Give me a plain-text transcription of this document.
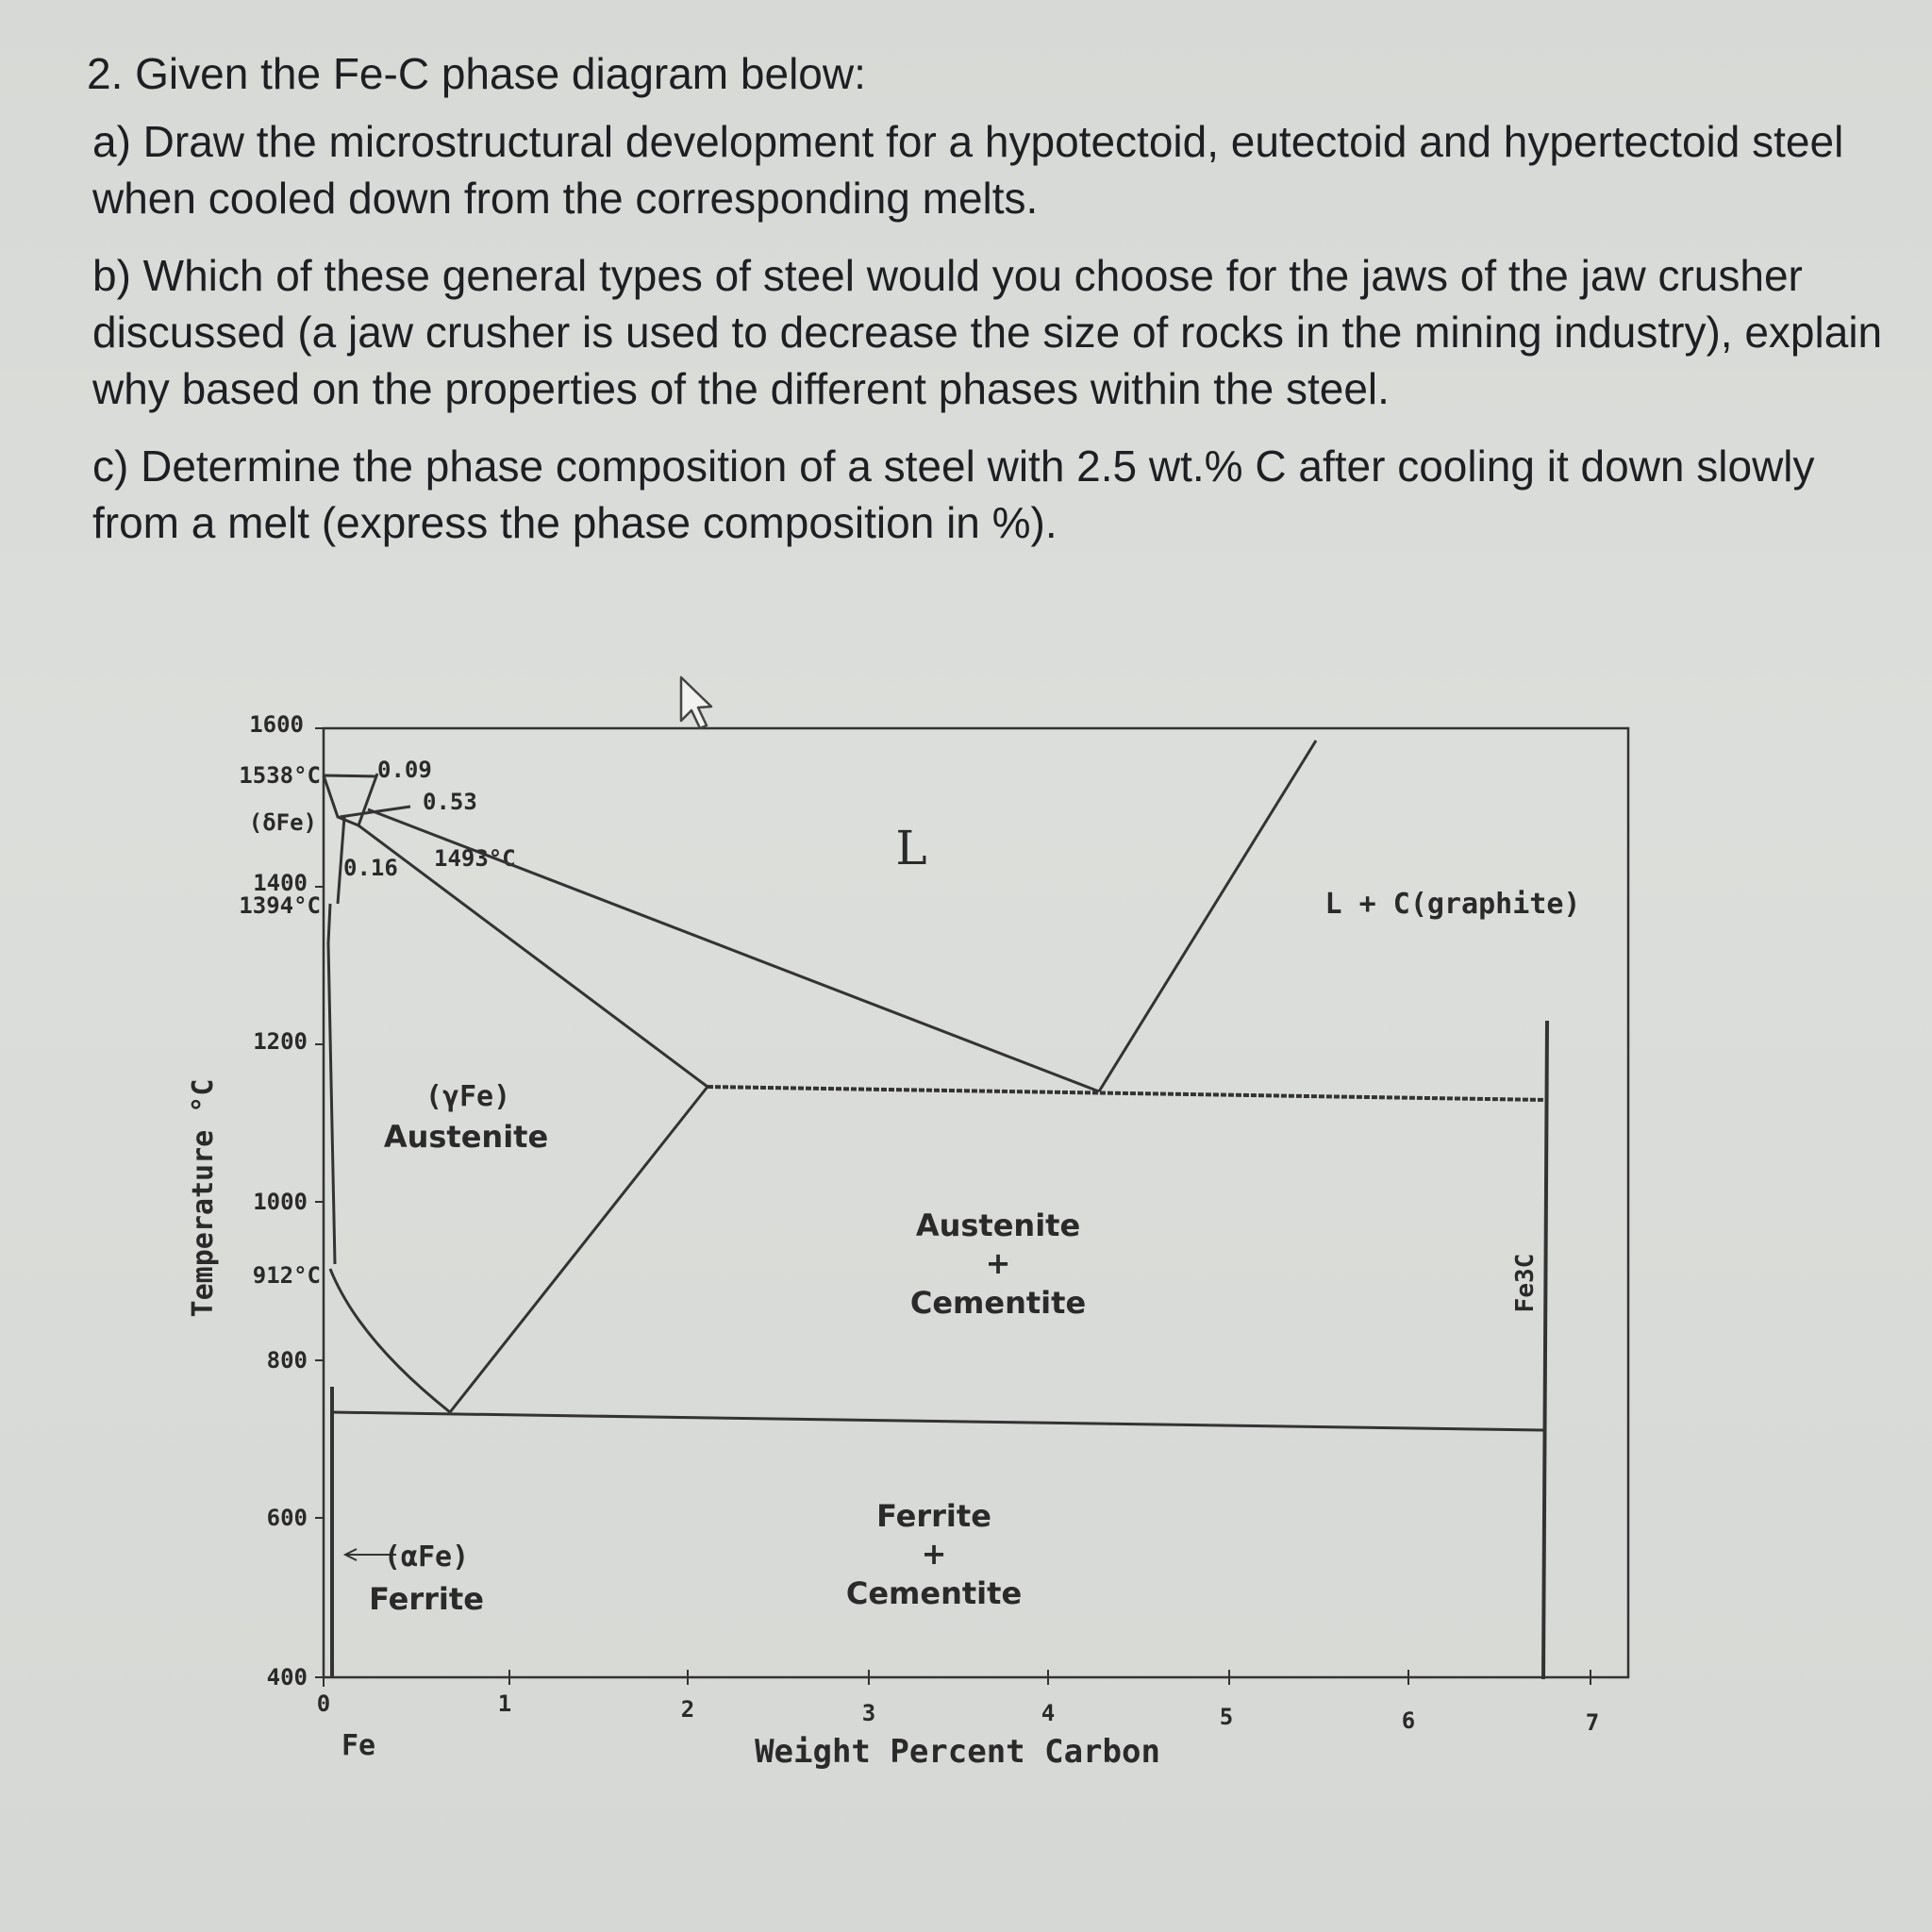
2. Given the Fe-C phase diagram below:

a) Draw the microstructural development for a hypotectoid, eutectoid and hypertectoid steel when cooled down from the corresponding melts.

b) Which of these general types of steel would you choose for the jaws of the jaw crusher discussed (a jaw crusher is used to decrease the size of rocks in the mining industry), explain why based on the properties of the different phases within the steel.

c) Determine the phase composition of a steel with 2.5 wt.% C after cooling it down slowly from a melt (express the phase composition in %).

1600
1400
1200
1000
800
600
400
0	1	2	3	4	5	6	7
Fe	Weight Percent Carbon
Temperature °C
1538°C
(δFe)
1394°C
912°C
0.09
0.53
0.16 1493°C	L
L + C(graphite)
(γFe)
Austenite
Austenite
+
Cementite
(αFe)
Ferrite
Ferrite
+
Cementite
Fe3C
